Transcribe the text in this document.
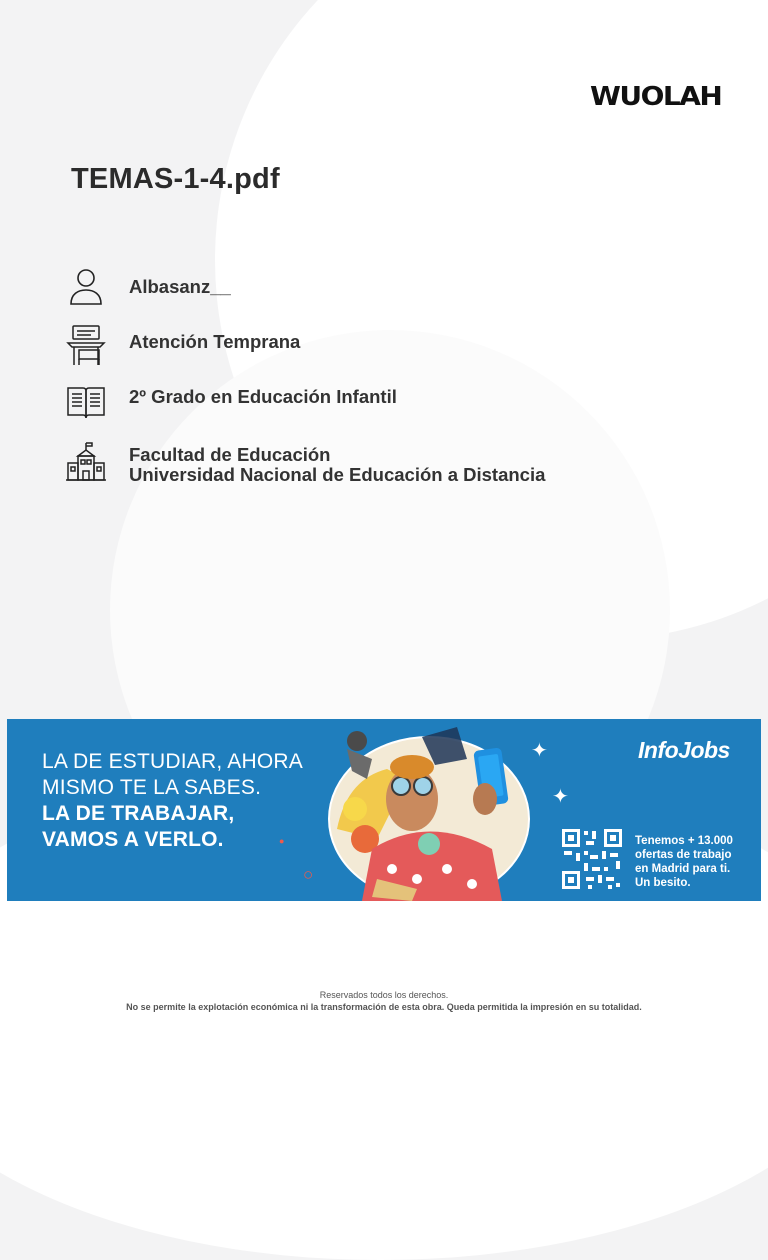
WUOLAH
TEMAS-1-4.pdf
Albasanz__
Atención Temprana
2º Grado en Educación Infantil
Facultad de Educación
Universidad Nacional de Educación a Distancia
LA DE ESTUDIAR, AHORA
MISMO TE LA SABES.
LA DE TRABAJAR,
VAMOS A VERLO.
✦
✦
●
○
InfoJobs
Tenemos + 13.000
ofertas de trabajo
en Madrid para ti.
Un besito.
Reservados todos los derechos.
No se permite la explotación económica ni la transformación de esta obra. Queda permitida la impresión en su totalidad.
